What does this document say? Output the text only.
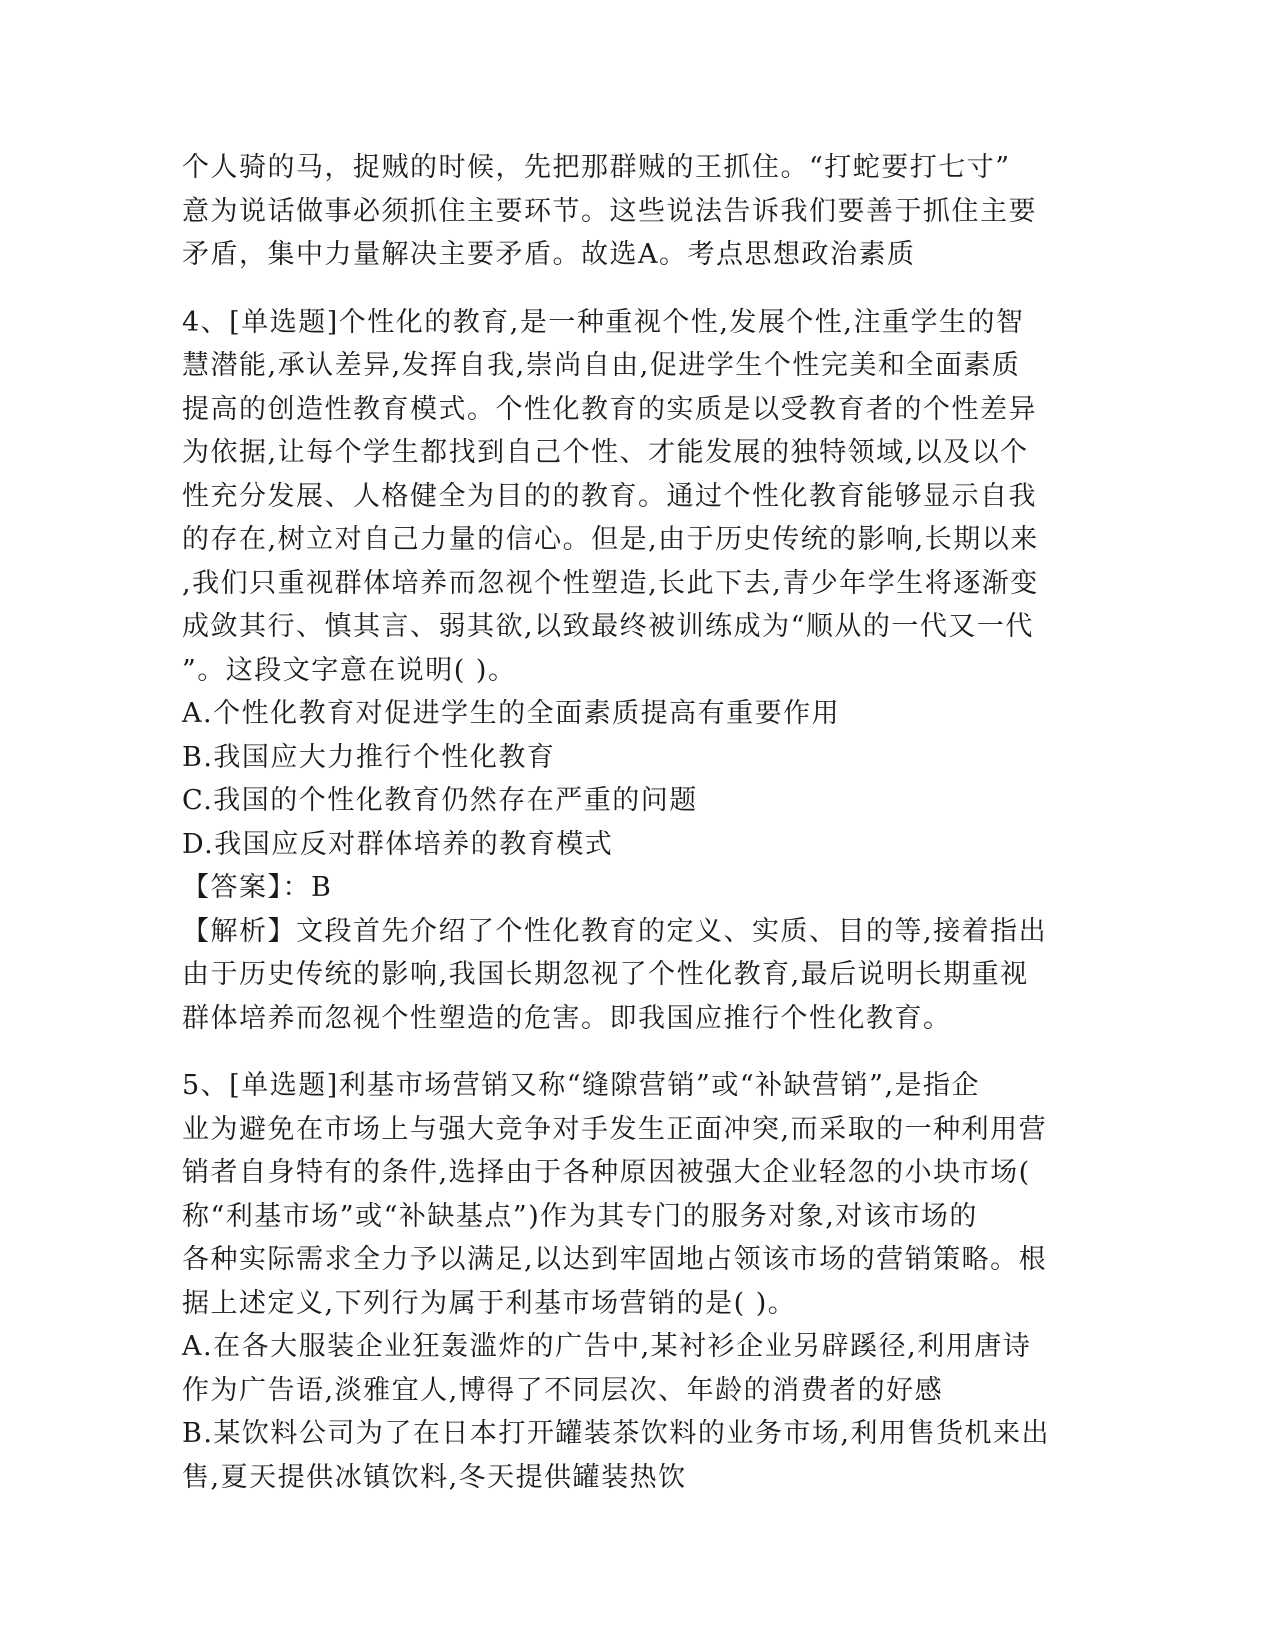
个人骑的马，捉贼的时候，先把那群贼的王抓住。“打蛇要打七寸”
意为说话做事必须抓住主要环节。这些说法告诉我们要善于抓住主要
矛盾，集中力量解决主要矛盾。故选A。考点思想政治素质
4、[单选题]个性化的教育,是一种重视个性,发展个性,注重学生的智
慧潜能,承认差异,发挥自我,崇尚自由,促进学生个性完美和全面素质
提高的创造性教育模式。个性化教育的实质是以受教育者的个性差异
为依据,让每个学生都找到自己个性、才能发展的独特领域,以及以个
性充分发展、人格健全为目的的教育。通过个性化教育能够显示自我
的存在,树立对自己力量的信心。但是,由于历史传统的影响,长期以来
,我们只重视群体培养而忽视个性塑造,长此下去,青少年学生将逐渐变
成敛其行、慎其言、弱其欲,以致最终被训练成为“顺从的一代又一代
”。这段文字意在说明( )。
A.个性化教育对促进学生的全面素质提高有重要作用
B.我国应大力推行个性化教育
C.我国的个性化教育仍然存在严重的问题
D.我国应反对群体培养的教育模式
【答案】：B
【解析】文段首先介绍了个性化教育的定义、实质、目的等,接着指出
由于历史传统的影响,我国长期忽视了个性化教育,最后说明长期重视
群体培养而忽视个性塑造的危害。即我国应推行个性化教育。
5、[单选题]利基市场营销又称“缝隙营销”或“补缺营销”,是指企
业为避免在市场上与强大竞争对手发生正面冲突,而采取的一种利用营
销者自身特有的条件,选择由于各种原因被强大企业轻忽的小块市场(
称“利基市场”或“补缺基点”)作为其专门的服务对象,对该市场的
各种实际需求全力予以满足,以达到牢固地占领该市场的营销策略。根
据上述定义,下列行为属于利基市场营销的是( )。
A.在各大服装企业狂轰滥炸的广告中,某衬衫企业另辟蹊径,利用唐诗
作为广告语,淡雅宜人,博得了不同层次、年龄的消费者的好感
B.某饮料公司为了在日本打开罐装茶饮料的业务市场,利用售货机来出
售,夏天提供冰镇饮料,冬天提供罐装热饮
